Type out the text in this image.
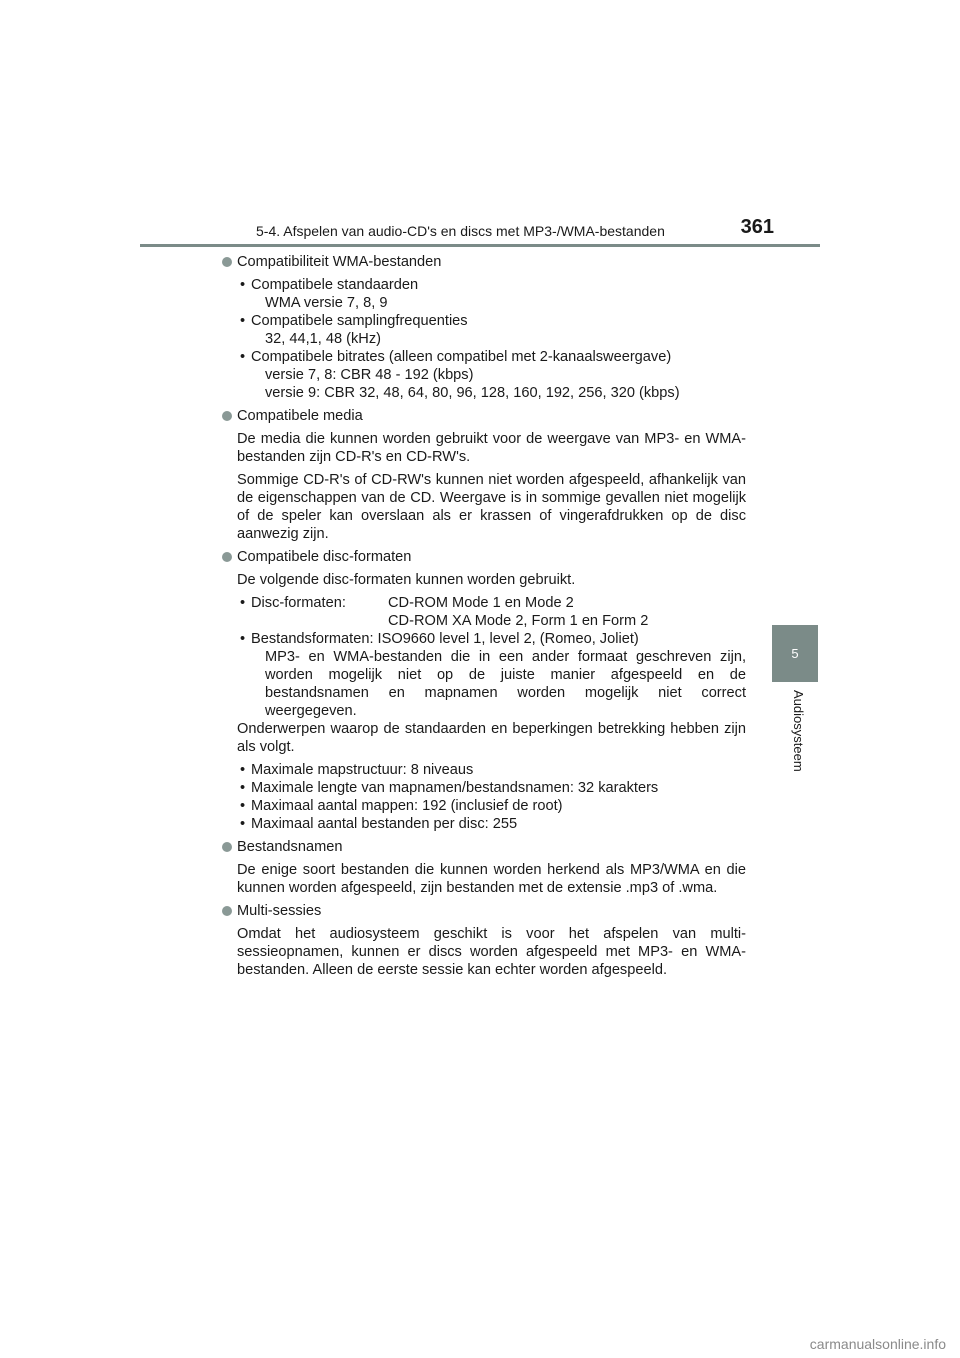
5-4. Afspelen van audio-CD's en discs met MP3-/WMA-bestanden	361
5
Audiosysteem
Compatibiliteit WMA-bestanden
• Compatibele standaarden
WMA versie 7, 8, 9
• Compatibele samplingfrequenties
32, 44,1, 48 (kHz)
• Compatibele bitrates (alleen compatibel met 2-kanaalsweergave)
versie 7, 8: CBR 48 - 192 (kbps)
versie 9: CBR 32, 48, 64, 80, 96, 128, 160, 192, 256, 320 (kbps)
Compatibele media
De media die kunnen worden gebruikt voor de weergave van MP3- en WMA-bestanden zijn CD-R's en CD-RW's.
Sommige CD-R's of CD-RW's kunnen niet worden afgespeeld, afhankelijk van de eigenschappen van de CD. Weergave is in sommige gevallen niet mogelijk of de speler kan overslaan als er krassen of vingerafdrukken op de disc aanwezig zijn.
Compatibele disc-formaten
De volgende disc-formaten kunnen worden gebruikt.
• Disc-formaten:	CD-ROM Mode 1 en Mode 2
CD-ROM XA Mode 2, Form 1 en Form 2
• Bestandsformaten: ISO9660 level 1, level 2, (Romeo, Joliet)
MP3- en WMA-bestanden die in een ander formaat geschreven zijn, worden mogelijk niet op de juiste manier afgespeeld en de bestandsnamen en mapnamen worden mogelijk niet correct weergegeven.
Onderwerpen waarop de standaarden en beperkingen betrekking hebben zijn als volgt.
• Maximale mapstructuur: 8 niveaus
• Maximale lengte van mapnamen/bestandsnamen: 32 karakters
• Maximaal aantal mappen: 192 (inclusief de root)
• Maximaal aantal bestanden per disc: 255
Bestandsnamen
De enige soort bestanden die kunnen worden herkend als MP3/WMA en die kunnen worden afgespeeld, zijn bestanden met de extensie .mp3 of .wma.
Multi-sessies
Omdat het audiosysteem geschikt is voor het afspelen van multi-sessieopnamen, kunnen er discs worden afgespeeld met MP3- en WMA-bestanden. Alleen de eerste sessie kan echter worden afgespeeld.
carmanualsonline.info
